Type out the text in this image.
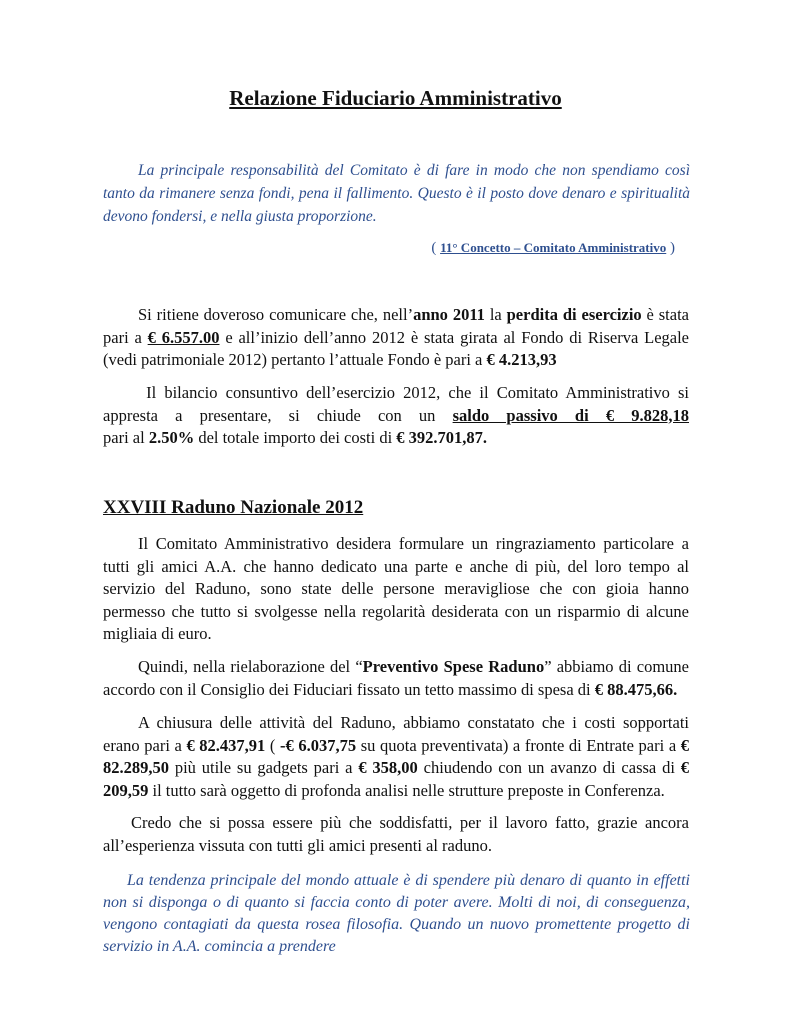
Relazione Fiduciario Amministrativo
La principale responsabilità del Comitato è di fare in modo che non spendiamo così tanto da rimanere senza fondi, pena il fallimento. Questo è il posto dove denaro e spiritualità devono fondersi, e nella giusta proporzione.
( 11° Concetto – Comitato Amministrativo )
Si ritiene doveroso comunicare che, nell’anno 2011 la perdita di esercizio è stata pari a € 6.557.00 e all’inizio dell’anno 2012 è stata girata al Fondo di Riserva Legale (vedi patrimoniale 2012) pertanto l’attuale Fondo è pari a € 4.213,93
Il bilancio consuntivo dell’esercizio 2012, che il Comitato Amministrativo si appresta a presentare, si chiude con un saldo passivo di € 9.828,18
pari al 2.50% del totale importo dei costi di € 392.701,87.
XXVIII Raduno Nazionale 2012
Il Comitato Amministrativo desidera formulare un ringraziamento particolare a tutti gli amici A.A. che hanno dedicato una parte e anche di più, del loro tempo al servizio del Raduno, sono state delle persone meravigliose che con gioia hanno permesso che tutto si svolgesse nella regolarità desiderata con un risparmio di alcune migliaia di euro.
Quindi, nella rielaborazione del “Preventivo Spese Raduno” abbiamo di comune accordo con il Consiglio dei Fiduciari fissato un tetto massimo di spesa di € 88.475,66.
A chiusura delle attività del Raduno, abbiamo constatato che i costi sopportati erano pari a € 82.437,91 ( -€ 6.037,75 su quota preventivata) a fronte di Entrate pari a € 82.289,50 più utile su gadgets pari a € 358,00 chiudendo con un avanzo di cassa di € 209,59 il tutto sarà oggetto di profonda analisi nelle strutture preposte in Conferenza.
Credo che si possa essere più che soddisfatti, per il lavoro fatto, grazie ancora all’esperienza vissuta con tutti gli amici presenti al raduno.
La tendenza principale del mondo attuale è di spendere più denaro di quanto in effetti non si disponga o di quanto si faccia conto di poter avere. Molti di noi, di conseguenza, vengono contagiati da questa rosea filosofia. Quando un nuovo promettente progetto di servizio in A.A. comincia a prendere
